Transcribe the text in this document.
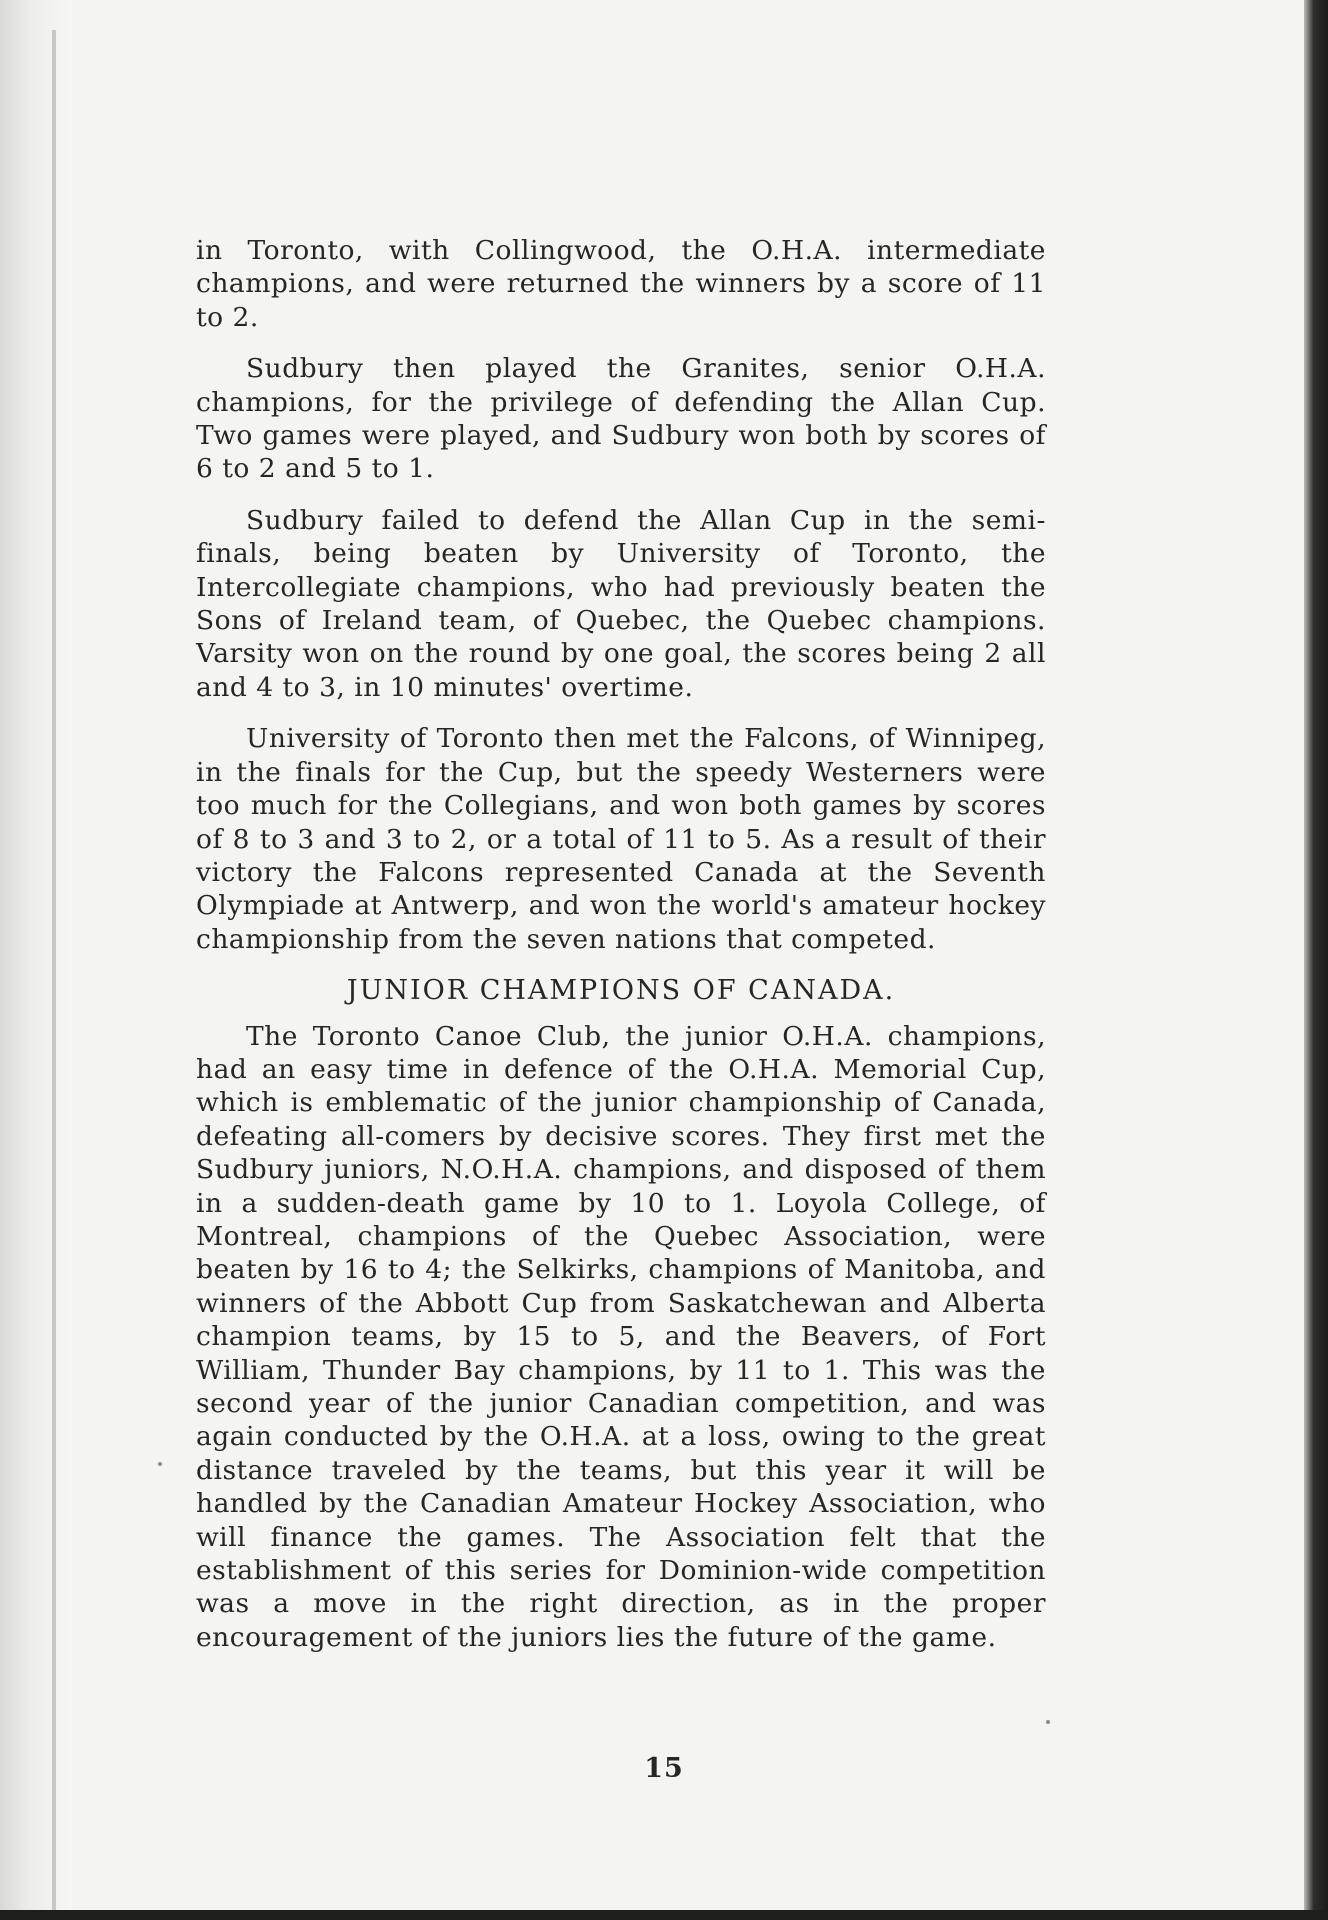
in Toronto, with Collingwood, the O.H.A. intermediate champions, and were returned the winners by a score of 11 to 2.

Sudbury then played the Granites, senior O.H.A. champions, for the privilege of defending the Allan Cup. Two games were played, and Sudbury won both by scores of 6 to 2 and 5 to 1.

Sudbury failed to defend the Allan Cup in the semi-finals, being beaten by University of Toronto, the Intercollegiate champions, who had previously beaten the Sons of Ireland team, of Quebec, the Quebec champions. Varsity won on the round by one goal, the scores being 2 all and 4 to 3, in 10 minutes' overtime.

University of Toronto then met the Falcons, of Winnipeg, in the finals for the Cup, but the speedy Westerners were too much for the Collegians, and won both games by scores of 8 to 3 and 3 to 2, or a total of 11 to 5. As a result of their victory the Falcons represented Canada at the Seventh Olympiade at Antwerp, and won the world's amateur hockey championship from the seven nations that competed.

JUNIOR CHAMPIONS OF CANADA.

The Toronto Canoe Club, the junior O.H.A. champions, had an easy time in defence of the O.H.A. Memorial Cup, which is emblematic of the junior championship of Canada, defeating all-comers by decisive scores. They first met the Sudbury juniors, N.O.H.A. champions, and disposed of them in a sudden-death game by 10 to 1. Loyola College, of Montreal, champions of the Quebec Association, were beaten by 16 to 4; the Selkirks, champions of Manitoba, and winners of the Abbott Cup from Saskatchewan and Alberta champion teams, by 15 to 5, and the Beavers, of Fort William, Thunder Bay champions, by 11 to 1. This was the second year of the junior Canadian competition, and was again conducted by the O.H.A. at a loss, owing to the great distance traveled by the teams, but this year it will be handled by the Canadian Amateur Hockey Association, who will finance the games. The Association felt that the establishment of this series for Dominion-wide competition was a move in the right direction, as in the proper encouragement of the juniors lies the future of the game.

15
